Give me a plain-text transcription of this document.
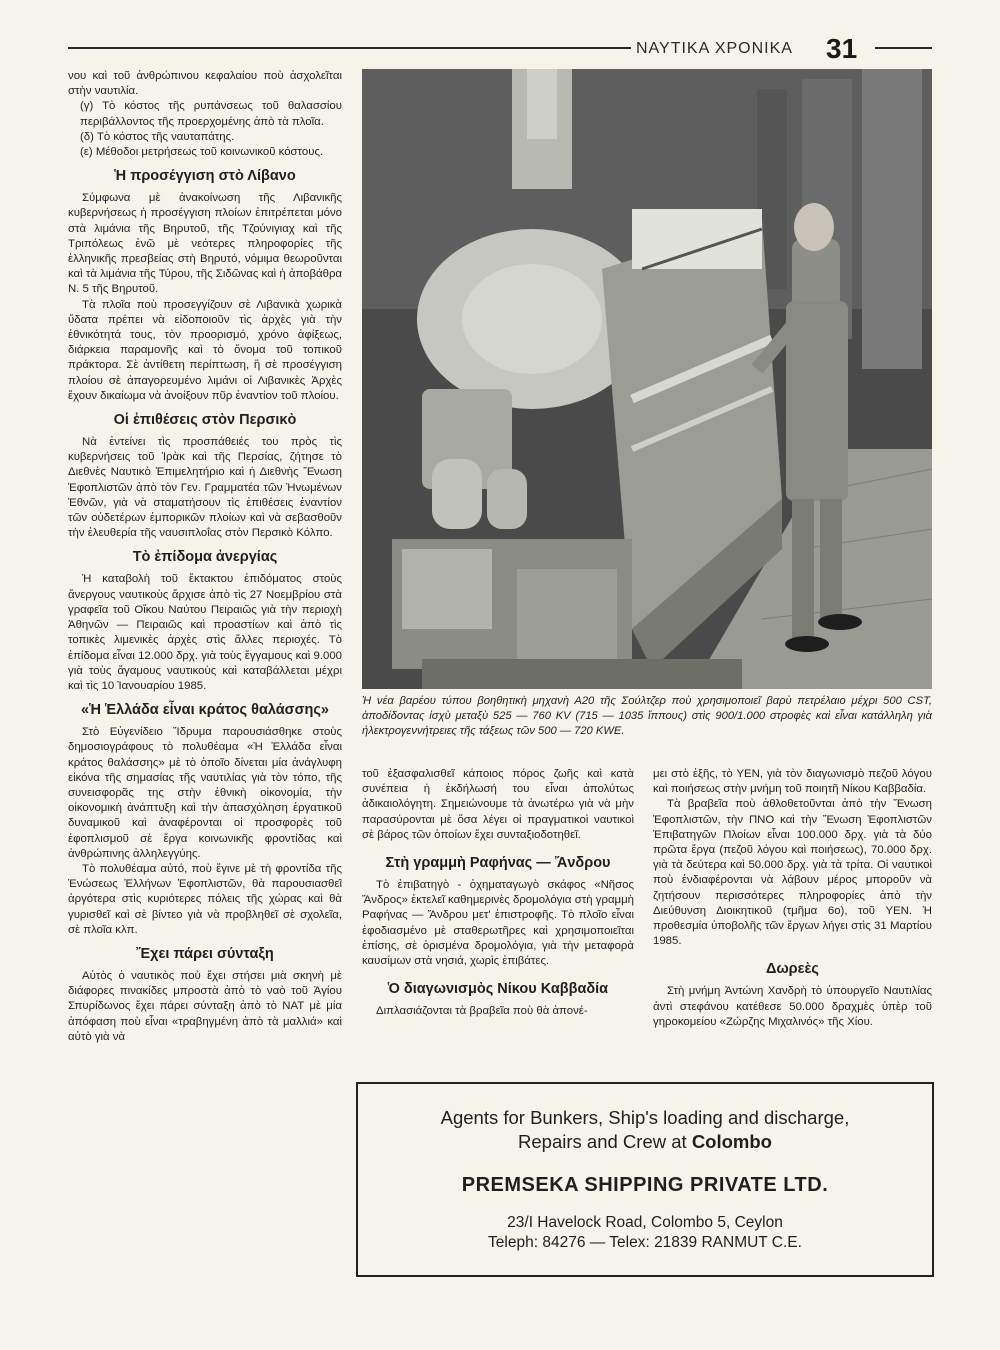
ΝΑΥΤΙΚΑ ΧΡΟΝΙΚΑ 31

νου καὶ τοῦ ἀνθρώπινου κεφαλαίου ποὺ ἀσχολεῖται στὴν ναυτιλία.

(γ) Τὸ κόστος τῆς ρυπάνσεως τοῦ θαλασσίου περιβάλλοντος τῆς προερχομένης ἀπὸ τὰ πλοῖα.

(δ) Τὸ κόστος τῆς ναυταπάτης.

(ε) Μέθοδοι μετρήσεως τοῦ κοινωνικοῦ κόστους.

Ἡ προσέγγιση στὸ Λίβανο

Σύμφωνα μὲ ἀνακοίνωση τῆς Λιβανικῆς κυβερνήσεως ἡ προσέγγιση πλοίων ἐπιτρέπεται μόνο στὰ λιμάνια τῆς Βηρυτοῦ, τῆς Τζούνιγιαχ καὶ τῆς Τριπόλεως ἐνῶ μὲ νεότερες πληροφορίες τῆς ἑλληνικῆς πρεσβείας στὴ Βηρυτό, νόμιμα θεωροῦνται καὶ τὰ λιμάνια τῆς Τύρου, τῆς Σιδῶνας καὶ ἡ ἀποβάθρα Ν. 5 τῆς Βηρυτοῦ.

Τὰ πλοῖα ποὺ προσεγγίζουν σὲ Λιβανικὰ χωρικὰ ὕδατα πρέπει νὰ εἰδοποιοῦν τὶς ἀρχὲς γιὰ τὴν ἐθνικότητά τους, τὸν προορισμό, χρόνο ἀφίξεως, διάρκεια παραμονῆς καὶ τὸ ὄνομα τοῦ τοπικοῦ πράκτορα. Σὲ ἀντίθετη περίπτωση, ἢ σὲ προσέγγιση πλοίου σὲ ἀπαγορευμένο λιμάνι οἱ Λιβανικὲς Ἀρχὲς ἔχουν δικαίωμα νὰ ἀνοίξουν πῦρ ἐναντίον τοῦ πλοίου.

Οἱ ἐπιθέσεις στὸν Περσικὸ

Νὰ ἐντείνει τὶς προσπάθειές του πρὸς τὶς κυβερνήσεις τοῦ Ἰρὰκ καὶ τῆς Περσίας, ζήτησε τὸ Διεθνὲς Ναυτικὸ Ἐπιμελητήριο καὶ ἡ Διεθνὴς Ἕνωση Ἐφοπλιστῶν ἀπὸ τὸν Γεν. Γραμματέα τῶν Ἡνωμένων Ἐθνῶν, γιὰ νὰ σταματήσουν τὶς ἐπιθέσεις ἐναντίον τῶν οὐδετέρων ἐμπορικῶν πλοίων καὶ νὰ σεβασθοῦν τὴν ἐλευθερία τῆς ναυσιπλοΐας στὸν Περσικὸ Κόλπο.

Τὸ ἐπίδομα ἀνεργίας

Ἡ καταβολὴ τοῦ ἔκτακτου ἐπιδόματος στοὺς ἄνεργους ναυτικοὺς ἄρχισε ἀπὸ τὶς 27 Νοεμβρίου στὰ γραφεῖα τοῦ Οἴκου Ναύτου Πειραιῶς γιὰ τὴν περιοχὴ Ἀθηνῶν — Πειραιῶς καὶ προαστίων καὶ ἀπὸ τὶς τοπικὲς λιμενικὲς ἀρχὲς στὶς ἄλλες περιοχές. Τὸ ἐπίδομα εἶναι 12.000 δρχ. γιὰ τοὺς ἔγγαμους καὶ 9.000 γιὰ τοὺς ἄγαμους ναυτικοὺς καὶ καταβάλλεται μέχρι καὶ τὶς 10 Ἰανουαρίου 1985.

«Ἡ Ἑλλάδα εἶναι κράτος θαλάσσης»

Στὸ Εὐγενίδειο Ἵδρυμα παρουσιάσθηκε στοὺς δημοσιογράφους τὸ πολυθέαμα «Ἡ Ἑλλάδα εἶναι κράτος θαλάσσης» μὲ τὸ ὁποῖο δίνεται μία ἀνάγλυφη εἰκόνα τῆς σημασίας τῆς ναυτιλίας γιὰ τὸν τόπο, τῆς συνεισφορᾶς της στὴν ἐθνικὴ οἰκονομία, τὴν οἰκονομικὴ ἀνάπτυξη καὶ τὴν ἀπασχόληση ἐργατικοῦ δυναμικοῦ καὶ ἀναφέρονται οἱ προσφορὲς τοῦ ἐφοπλισμοῦ σὲ ἔργα κοινωνικῆς φροντίδας καὶ ἀνθρώπινης ἀλληλεγγύης.

Τὸ πολυθέαμα αὐτό, ποὺ ἔγινε μὲ τὴ φροντίδα τῆς Ἑνώσεως Ἑλλήνων Ἐφοπλιστῶν, θὰ παρουσιασθεῖ ἀργότερα στὶς κυριότερες πόλεις τῆς χώρας καὶ θὰ γυρισθεῖ καὶ σὲ βίντεο γιὰ νὰ προβληθεῖ σὲ σχολεῖα, σὲ πλοῖα κλπ.

Ἔχει πάρει σύνταξη

Αὐτὸς ὁ ναυτικὸς ποὺ ἔχει στήσει μιὰ σκηνὴ μὲ διάφορες πινακίδες μπροστὰ ἀπὸ τὸ ναὸ τοῦ Ἁγίου Σπυρίδωνος ἔχει πάρει σύνταξη ἀπὸ τὸ ΝΑΤ μὲ μία ἀπόφαση ποὺ εἶναι «τραβηγμένη ἀπὸ τὰ μαλλιά» καὶ αὐτὸ γιὰ νὰ

Ἡ νέα βαρέου τύπου βοηθητικὴ μηχανὴ Α20 τῆς Σούλτζερ ποὺ χρησιμοποιεῖ βαρὺ πετρέλαιο μέχρι 500 CST, ἀποδίδοντας ἰσχὺ μεταξὺ 525 — 760 KV (715 — 1035 ἵππους) στὶς 900/1.000 στροφὲς καὶ εἶναι κατάλληλη γιὰ ἠλεκτρογεννήτρειες τῆς τάξεως τῶν 500 — 720 KWE.

τοῦ ἐξασφαλισθεῖ κάποιος πόρος ζωῆς καὶ κατὰ συνέπεια ἡ ἐκδήλωσή του εἶναι ἀπολύτως ἀδικαιολόγητη. Σημειώνουμε τὰ ἀνωτέρω γιὰ νὰ μὴν παρασύρονται μὲ ὅσα λέγει οἱ πραγματικοὶ ναυτικοὶ σὲ βάρος τῶν ὁποίων ἔχει συνταξιοδοτηθεῖ.

Στὴ γραμμὴ Ραφήνας — Ἄνδρου

Τὸ ἐπιβατηγὸ - ὀχηματαγωγὸ σκάφος «Νῆσος Ἄνδρος» ἐκτελεῖ καθημερινὲς δρομολόγια στὴ γραμμὴ Ραφήνας — Ἄνδρου μετ' ἐπιστροφῆς. Τὸ πλοῖο εἶναι ἐφοδιασμένο μὲ σταθερωτῆρες καὶ χρησιμοποιεῖται ἐπίσης, σὲ ὁρισμένα δρομολόγια, γιὰ τὴν μεταφορὰ καυσίμων στὰ νησιά, χωρὶς ἐπιβάτες.

Ὁ διαγωνισμὸς Νίκου Καββαδία

Διπλασιάζονται τὰ βραβεῖα ποὺ θὰ ἀπονέ-

μει στὸ ἑξῆς, τὸ ΥΕΝ, γιὰ τὸν διαγωνισμὸ πεζοῦ λόγου καὶ ποιήσεως στὴν μνήμη τοῦ ποιητῆ Νίκου Καββαδία.

Τὰ βραβεῖα ποὺ ἀθλοθετοῦνται ἀπὸ τὴν Ἕνωση Ἐφοπλιστῶν, τὴν ΠΝΟ καὶ τὴν Ἕνωση Ἐφοπλιστῶν Ἐπιβατηγῶν Πλοίων εἶναι 100.000 δρχ. γιὰ τὰ δύο πρῶτα ἔργα (πεζοῦ λόγου καὶ ποιήσεως), 70.000 δρχ. γιὰ τὰ δεύτερα καὶ 50.000 δρχ. γιὰ τὰ τρίτα. Οἱ ναυτικοὶ ποὺ ἐνδιαφέρονται νὰ λάβουν μέρος μποροῦν νὰ ζητήσουν περισσότερες πληροφορίες ἀπὸ τὴν Διεύθυνση Διοικητικοῦ (τμῆμα 6ο), τοῦ ΥΕΝ. Ἡ προθεσμία ὑποβολῆς τῶν ἔργων λήγει στὶς 31 Μαρτίου 1985.

Δωρεὲς

Στὴ μνήμη Ἀντώνη Χανδρὴ τὸ ὑπουργεῖο Ναυτιλίας ἀντὶ στεφάνου κατέθεσε 50.000 δραχμὲς ὑπὲρ τοῦ γηροκομείου «Ζώρζης Μιχαλινός» τῆς Χίου.

Agents for Bunkers, Ship's loading and discharge,
Repairs and Crew at Colombo
PREMSEKA SHIPPING PRIVATE LTD.
23/I Havelock Road, Colombo 5, Ceylon
Teleph: 84276 — Telex: 21839 RANMUT C.E.
